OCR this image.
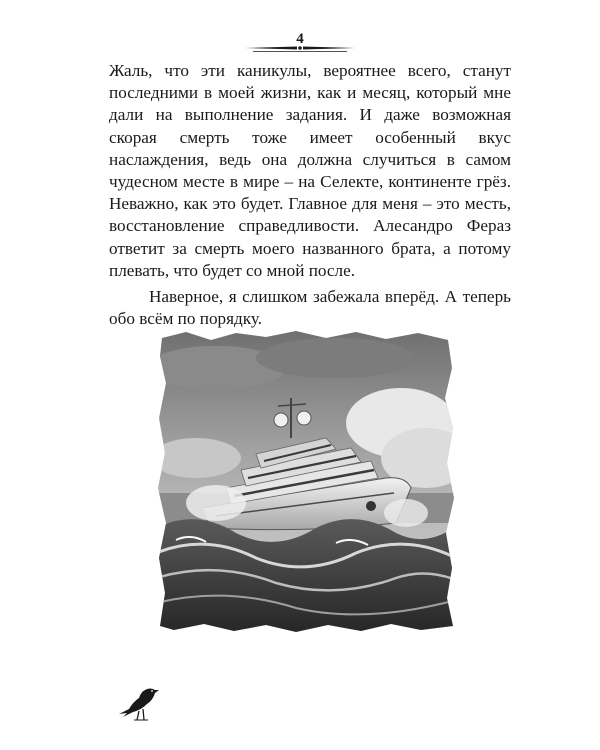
4

Жаль, что эти каникулы, вероятнее всего, станут последними в моей жизни, как и месяц, который мне дали на выполнение задания. И даже возможная скорая смерть тоже имеет особенный вкус наслаждения, ведь она должна случиться в самом чудесном месте в мире – на Селекте, континенте грёз. Неважно, как это будет. Главное для меня – это месть, восстановление справедливости. Алесандро Фераз ответит за смерть моего названного брата, а потому плевать, что будет со мной после.

Наверное, я слишком забежала вперёд. А теперь обо всём по порядку.
